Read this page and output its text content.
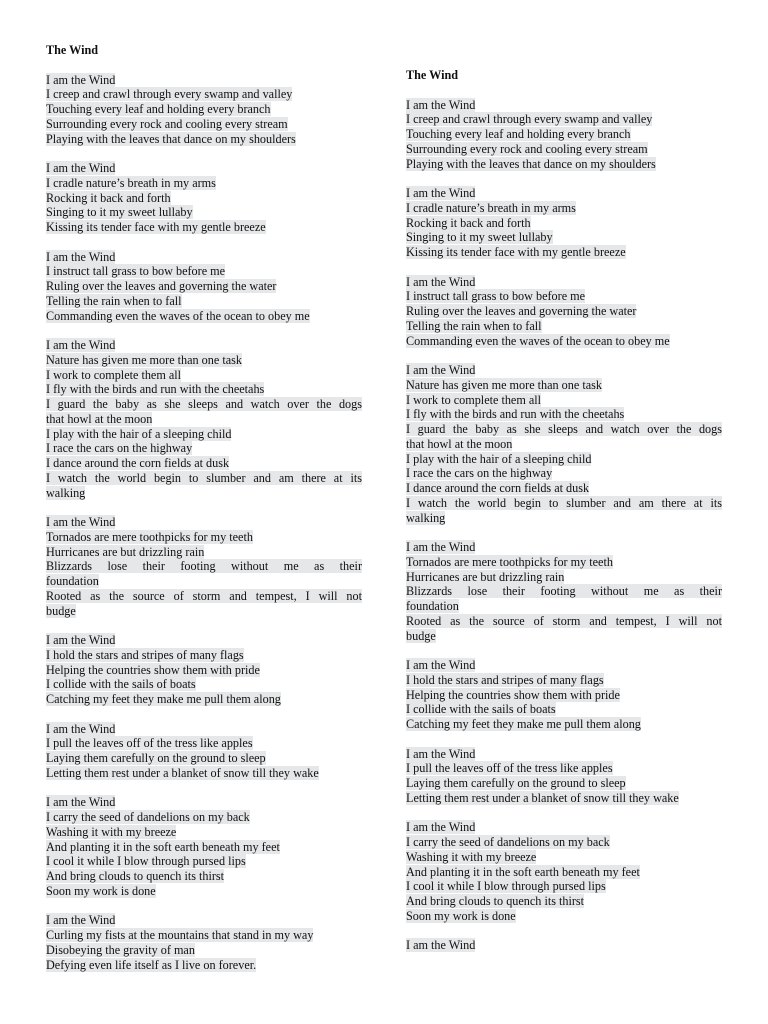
The Wind
I am the Wind
I creep and crawl through every swamp and valley
Touching every leaf and holding every branch
Surrounding every rock and cooling every stream
Playing with the leaves that dance on my shoulders
I am the Wind
I cradle nature’s breath in my arms
Rocking it back and forth
Singing to it my sweet lullaby
Kissing its tender face with my gentle breeze
I am the Wind
I instruct tall grass to bow before me
Ruling over the leaves and governing the water
Telling the rain when to fall
Commanding even the waves of the ocean to obey me
I am the Wind
Nature has given me more than one task
I work to complete them all
I fly with the birds and run with the cheetahs
I guard the baby as she sleeps and watch over the dogs
that howl at the moon
I play with the hair of a sleeping child
I race the cars on the highway
I dance around the corn fields at dusk
I watch the world begin to slumber and am there at its
walking
I am the Wind
Tornados are mere toothpicks for my teeth
Hurricanes are but drizzling rain
Blizzards lose their footing without me as their
foundation
Rooted as the source of storm and tempest, I will not
budge
I am the Wind
I hold the stars and stripes of many flags
Helping the countries show them with pride
I collide with the sails of boats
Catching my feet they make me pull them along
I am the Wind
I pull the leaves off of the tress like apples
Laying them carefully on the ground to sleep
Letting them rest under a blanket of snow till they wake
I am the Wind
I carry the seed of dandelions on my back
Washing it with my breeze
And planting it in the soft earth beneath my feet
I cool it while I blow through pursed lips
And bring clouds to quench its thirst
Soon my work is done
I am the Wind
Curling my fists at the mountains that stand in my way
Disobeying the gravity of man
Defying even life itself as I live on forever.
The Wind
I am the Wind
I creep and crawl through every swamp and valley
Touching every leaf and holding every branch
Surrounding every rock and cooling every stream
Playing with the leaves that dance on my shoulders
I am the Wind
I cradle nature’s breath in my arms
Rocking it back and forth
Singing to it my sweet lullaby
Kissing its tender face with my gentle breeze
I am the Wind
I instruct tall grass to bow before me
Ruling over the leaves and governing the water
Telling the rain when to fall
Commanding even the waves of the ocean to obey me
I am the Wind
Nature has given me more than one task
I work to complete them all
I fly with the birds and run with the cheetahs
I guard the baby as she sleeps and watch over the dogs
that howl at the moon
I play with the hair of a sleeping child
I race the cars on the highway
I dance around the corn fields at dusk
I watch the world begin to slumber and am there at its
walking
I am the Wind
Tornados are mere toothpicks for my teeth
Hurricanes are but drizzling rain
Blizzards lose their footing without me as their
foundation
Rooted as the source of storm and tempest, I will not
budge
I am the Wind
I hold the stars and stripes of many flags
Helping the countries show them with pride
I collide with the sails of boats
Catching my feet they make me pull them along
I am the Wind
I pull the leaves off of the tress like apples
Laying them carefully on the ground to sleep
Letting them rest under a blanket of snow till they wake
I am the Wind
I carry the seed of dandelions on my back
Washing it with my breeze
And planting it in the soft earth beneath my feet
I cool it while I blow through pursed lips
And bring clouds to quench its thirst
Soon my work is done
I am the Wind
